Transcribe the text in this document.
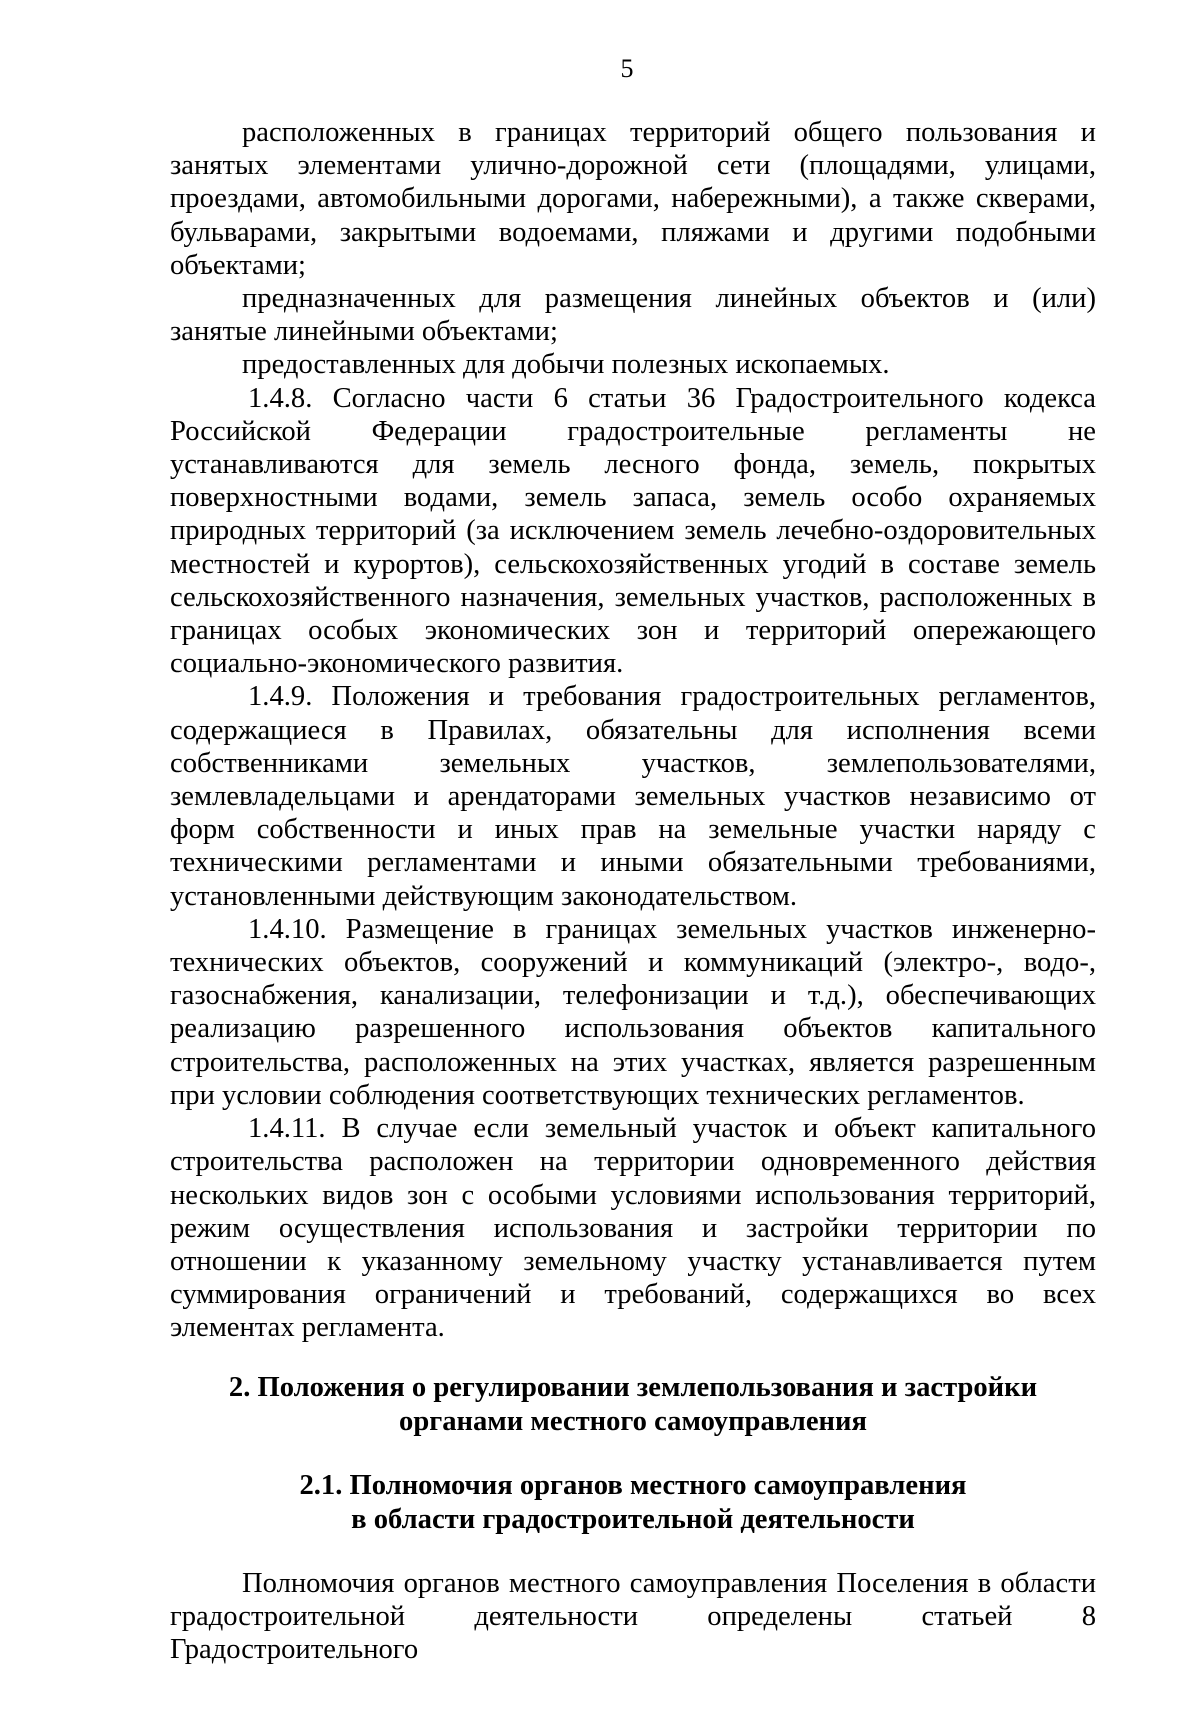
5

расположенных в границах территорий общего пользования и занятых элементами улично-дорожной сети (площадями, улицами, проездами, автомобильными дорогами, набережными), а также скверами, бульварами, закрытыми водоемами, пляжами и другими подобными объектами;

предназначенных для размещения линейных объектов и (или) занятые линейными объектами;

предоставленных для добычи полезных ископаемых.

1.4.8. Согласно части 6 статьи 36 Градостроительного кодекса Российской Федерации градостроительные регламенты не устанавливаются для земель лесного фонда, земель, покрытых поверхностными водами, земель запаса, земель особо охраняемых природных территорий (за исключением земель лечебно-оздоровительных местностей и курортов), сельскохозяйственных угодий в составе земель сельскохозяйственного назначения, земельных участков, расположенных в границах особых экономических зон и территорий опережающего социально-экономического развития.

1.4.9. Положения и требования градостроительных регламентов, содержащиеся в Правилах, обязательны для исполнения всеми собственниками земельных участков, землепользователями, землевладельцами и арендаторами земельных участков независимо от форм собственности и иных прав на земельные участки наряду с техническими регламентами и иными обязательными требованиями, установленными действующим законодательством.

1.4.10. Размещение в границах земельных участков инженерно-технических объектов, сооружений и коммуникаций (электро-, водо-, газоснабжения, канализации, телефонизации и т.д.), обеспечивающих реализацию разрешенного использования объектов капитального строительства, расположенных на этих участках, является разрешенным при условии соблюдения соответствующих технических регламентов.

1.4.11. В случае если земельный участок и объект капитального строительства расположен на территории одновременного действия нескольких видов зон с особыми условиями использования территорий, режим осуществления использования и застройки территории по отношении к указанному земельному участку устанавливается путем суммирования ограничений и требований, содержащихся во всех элементах регламента.

2. Положения о регулировании землепользования и застройки
органами местного самоуправления

2.1. Полномочия органов местного самоуправления
в области градостроительной деятельности

Полномочия органов местного самоуправления Поселения в области градостроительной деятельности определены статьей 8 Градостроительного
